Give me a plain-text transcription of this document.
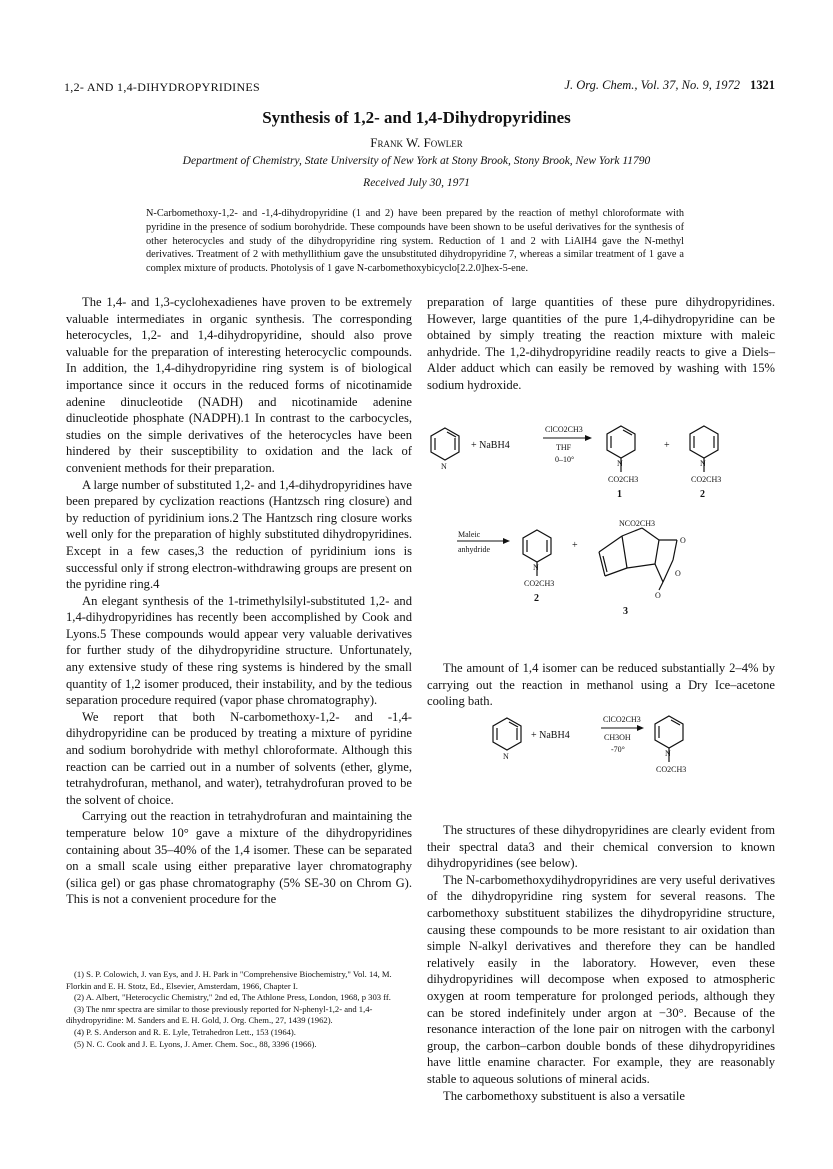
1,2- AND 1,4-DIHYDROPYRIDINES	J. Org. Chem., Vol. 37, No. 9, 1972 1321
Synthesis of 1,2- and 1,4-Dihydropyridines
Frank W. Fowler
Department of Chemistry, State University of New York at Stony Brook, Stony Brook, New York 11790
Received July 30, 1971
N-Carbomethoxy-1,2- and -1,4-dihydropyridine (1 and 2) have been prepared by the reaction of methyl chloroformate with pyridine in the presence of sodium borohydride. These compounds have been shown to be useful derivatives for the synthesis of other heterocycles and study of the dihydropyridine ring system. Reduction of 1 and 2 with LiAlH4 gave the N-methyl derivatives. Treatment of 2 with methyllithium gave the unsubstituted dihydropyridine 7, whereas a similar treatment of 1 gave a complex mixture of products. Photolysis of 1 gave N-carbomethoxybicyclo[2.2.0]hex-5-ene.

The 1,4- and 1,3-cyclohexadienes have proven to be extremely valuable intermediates in organic synthesis. The corresponding heterocycles, 1,2- and 1,4-dihydropyridine, should also prove valuable for the preparation of interesting heterocyclic compounds. In addition, the 1,4-dihydropyridine ring system is of biological importance since it occurs in the reduced forms of nicotinamide adenine dinucleotide (NADH) and nicotinamide adenine dinucleotide phosphate (NADPH).1 In contrast to the carbocycles, studies on the simple derivatives of the heterocycles have been hindered by their susceptibility to oxidation and the lack of convenient methods for their preparation.

A large number of substituted 1,2- and 1,4-dihydropyridines have been prepared by cyclization reactions (Hantzsch ring closure) and by reduction of pyridinium ions.2 The Hantzsch ring closure works well only for the preparation of highly substituted dihydropyridines. Except in a few cases,3 the reduction of pyridinium ions is successful only if strong electron-withdrawing groups are present on the pyridine ring.4

An elegant synthesis of the 1-trimethylsilyl-substituted 1,2- and 1,4-dihydropyridines has recently been accomplished by Cook and Lyons.5 These compounds would appear very valuable derivatives for further study of the dihydropyridine structure. Unfortunately, any extensive study of these ring systems is hindered by the small quantity of 1,2 isomer produced, their instability, and by the tedious separation procedure required (vapor phase chromatography).

We report that both N-carbomethoxy-1,2- and -1,4-dihydropyridine can be produced by treating a mixture of pyridine and sodium borohydride with methyl chloroformate. Although this reaction can be carried out in a number of solvents (ether, glyme, tetrahydrofuran, methanol, and water), tetrahydrofuran proved to be the solvent of choice.

Carrying out the reaction in tetrahydrofuran and maintaining the temperature below 10° gave a mixture of the dihydropyridines containing about 35–40% of the 1,4 isomer. These can be separated on a small scale using either preparative layer chromatography (silica gel) or gas phase chromatography (5% SE-30 on Chrom G). This is not a convenient procedure for the

(1) S. P. Colowich, J. van Eys, and J. H. Park in "Comprehensive Biochemistry," Vol. 14, M. Florkin and E. H. Stotz, Ed., Elsevier, Amsterdam, 1966, Chapter I.
(2) A. Albert, "Heterocyclic Chemistry," 2nd ed, The Athlone Press, London, 1968, p 303 ff.
(3) The nmr spectra are similar to those previously reported for N-phenyl-1,2- and 1,4-dihydropyridine: M. Sanders and E. H. Gold, J. Org. Chem., 27, 1439 (1962).
(4) P. S. Anderson and R. E. Lyle, Tetrahedron Lett., 153 (1964).
(5) N. C. Cook and J. E. Lyons, J. Amer. Chem. Soc., 88, 3396 (1966).

preparation of large quantities of these pure dihydropyridines. However, large quantities of the pure 1,4-dihydropyridine can be obtained by simply treating the reaction mixture with maleic anhydride. The 1,2-dihydropyridine readily reacts to give a Diels–Alder adduct which can easily be removed by washing with 15% sodium hydroxide.

N
+ NaBH4
ClCO2CH3
THF
0–10°	N
CO2CH3
1
+
N
CO2CH3
2
Maleic
anhydride
N
CO2CH3
2
+
NCO2CH3
O
O
O
3

The amount of 1,4 isomer can be reduced substantially 2–4% by carrying out the reaction in methanol using a Dry Ice–acetone cooling bath.

N
+ NaBH4
ClCO2CH3
CH3OH
-70°	N
CO2CH3

The structures of these dihydropyridines are clearly evident from their spectral data3 and their chemical conversion to known dihydropyridines (see below).

The N-carbomethoxydihydropyridines are very useful derivatives of the dihydropyridine ring system for several reasons. The carbomethoxy substituent stabilizes the dihydropyridine structure, causing these compounds to be more resistant to air oxidation than simple N-alkyl derivatives and therefore they can be handled relatively easily in the laboratory. However, even these dihydropyridines will decompose when exposed to atmospheric oxygen at room temperature for prolonged periods, although they can be stored indefinitely under argon at −30°. Because of the resonance interaction of the lone pair on nitrogen with the carbonyl group, the carbon–carbon double bonds of these dihydropyridines have little enamine character. For example, they are reasonably stable to aqueous solutions of mineral acids.

The carbomethoxy substituent is also a versatile
